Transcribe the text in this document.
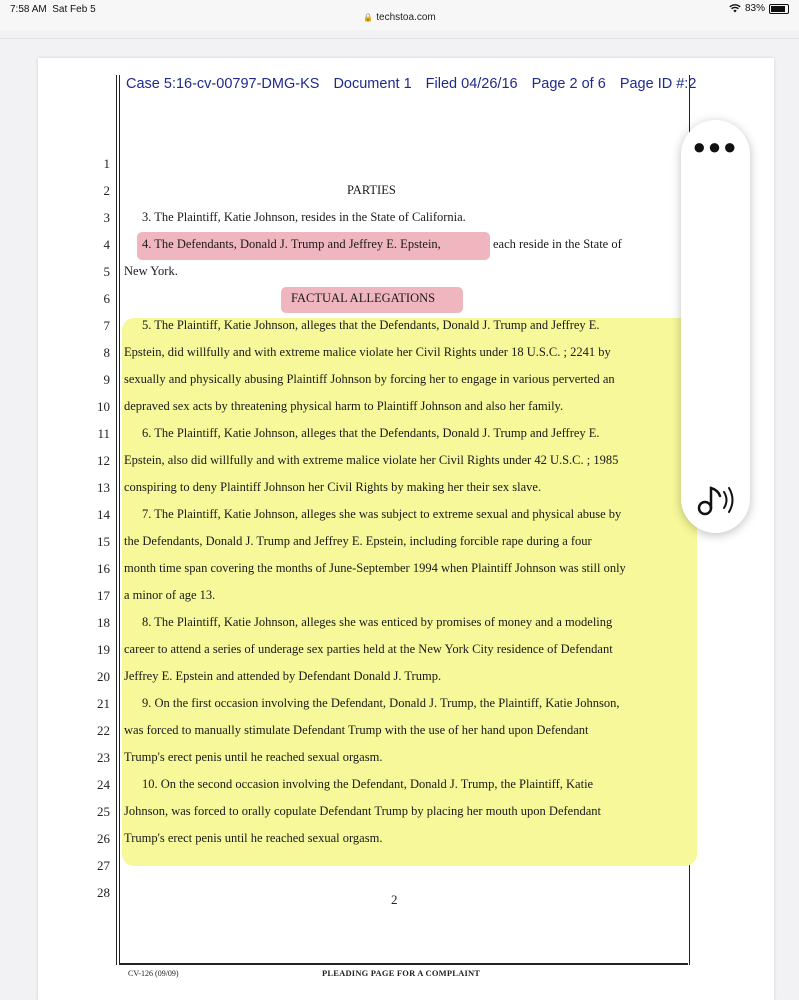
7:58 AM Sat Feb 5
🔒 techstoa.com
83%
Case 5:16-cv-00797-DMG-KS Document 1 Filed 04/26/16 Page 2 of 6 Page ID #:2
1
2
3
4
5
6
7
8
9
10
11
12
13
14
15
16
17
18
19
20
21
22
23
24
25
26
27
28
PARTIES
3. The Plaintiff, Katie Johnson, resides in the State of California.
4. The Defendants, Donald J. Trump and Jeffrey E. Epstein,	each reside in the State of
New York.
FACTUAL ALLEGATIONS
5. The Plaintiff, Katie Johnson, alleges that the Defendants, Donald J. Trump and Jeffrey E.
Epstein, did willfully and with extreme malice violate her Civil Rights under 18 U.S.C. ; 2241 by
sexually and physically abusing Plaintiff Johnson by forcing her to engage in various perverted an
depraved sex acts by threatening physical harm to Plaintiff Johnson and also her family.
6. The Plaintiff, Katie Johnson, alleges that the Defendants, Donald J. Trump and Jeffrey E.
Epstein, also did willfully and with extreme malice violate her Civil Rights under 42 U.S.C. ; 1985
conspiring to deny Plaintiff Johnson her Civil Rights by making her their sex slave.
7. The Plaintiff, Katie Johnson, alleges she was subject to extreme sexual and physical abuse by
the Defendants, Donald J. Trump and Jeffrey E. Epstein, including forcible rape during a four
month time span covering the months of June-September 1994 when Plaintiff Johnson was still only
a minor of age 13.
8. The Plaintiff, Katie Johnson, alleges she was enticed by promises of money and a modeling
career to attend a series of underage sex parties held at the New York City residence of Defendant
Jeffrey E. Epstein and attended by Defendant Donald J. Trump.
9. On the first occasion involving the Defendant, Donald J. Trump, the Plaintiff, Katie Johnson,
was forced to manually stimulate Defendant Trump with the use of her hand upon Defendant
Trump's erect penis until he reached sexual orgasm.
10. On the second occasion involving the Defendant, Donald J. Trump, the Plaintiff, Katie
Johnson, was forced to orally copulate Defendant Trump by placing her mouth upon Defendant
Trump's erect penis until he reached sexual orgasm.
2
CV-126 (09/09)	PLEADING PAGE FOR A COMPLAINT
●●●
